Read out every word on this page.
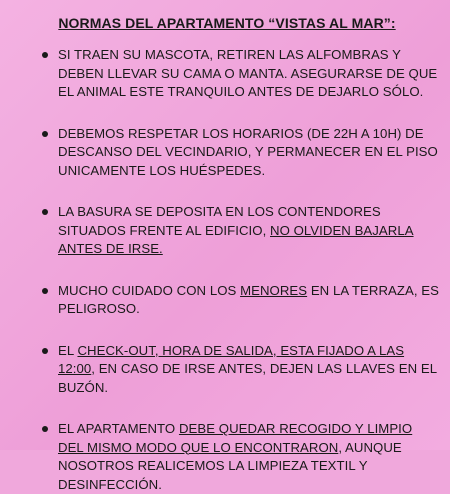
NORMAS DEL APARTAMENTO “VISTAS AL MAR”:
SI TRAEN SU MASCOTA, RETIREN LAS ALFOMBRAS Y DEBEN LLEVAR SU CAMA O MANTA. ASEGURARSE DE QUE EL ANIMAL ESTE TRANQUILO ANTES DE DEJARLO SÓLO.
DEBEMOS RESPETAR LOS HORARIOS (DE 22H A 10H) DE DESCANSO DEL VECINDARIO, Y PERMANECER EN EL PISO UNICAMENTE LOS HUÉSPEDES.
LA BASURA SE DEPOSITA EN LOS CONTENDORES SITUADOS FRENTE AL EDIFICIO, NO OLVIDEN BAJARLA ANTES DE IRSE.
MUCHO CUIDADO CON LOS MENORES EN LA TERRAZA, ES PELIGROSO.
EL CHECK-OUT, HORA DE SALIDA, ESTA FIJADO A LAS 12:00, EN CASO DE IRSE ANTES, DEJEN LAS LLAVES EN EL BUZÓN.
EL APARTAMENTO DEBE QUEDAR RECOGIDO Y LIMPIO DEL MISMO MODO QUE LO ENCONTRARON, AUNQUE NOSOTROS REALICEMOS LA LIMPIEZA TEXTIL Y DESINFECCIÓN.
